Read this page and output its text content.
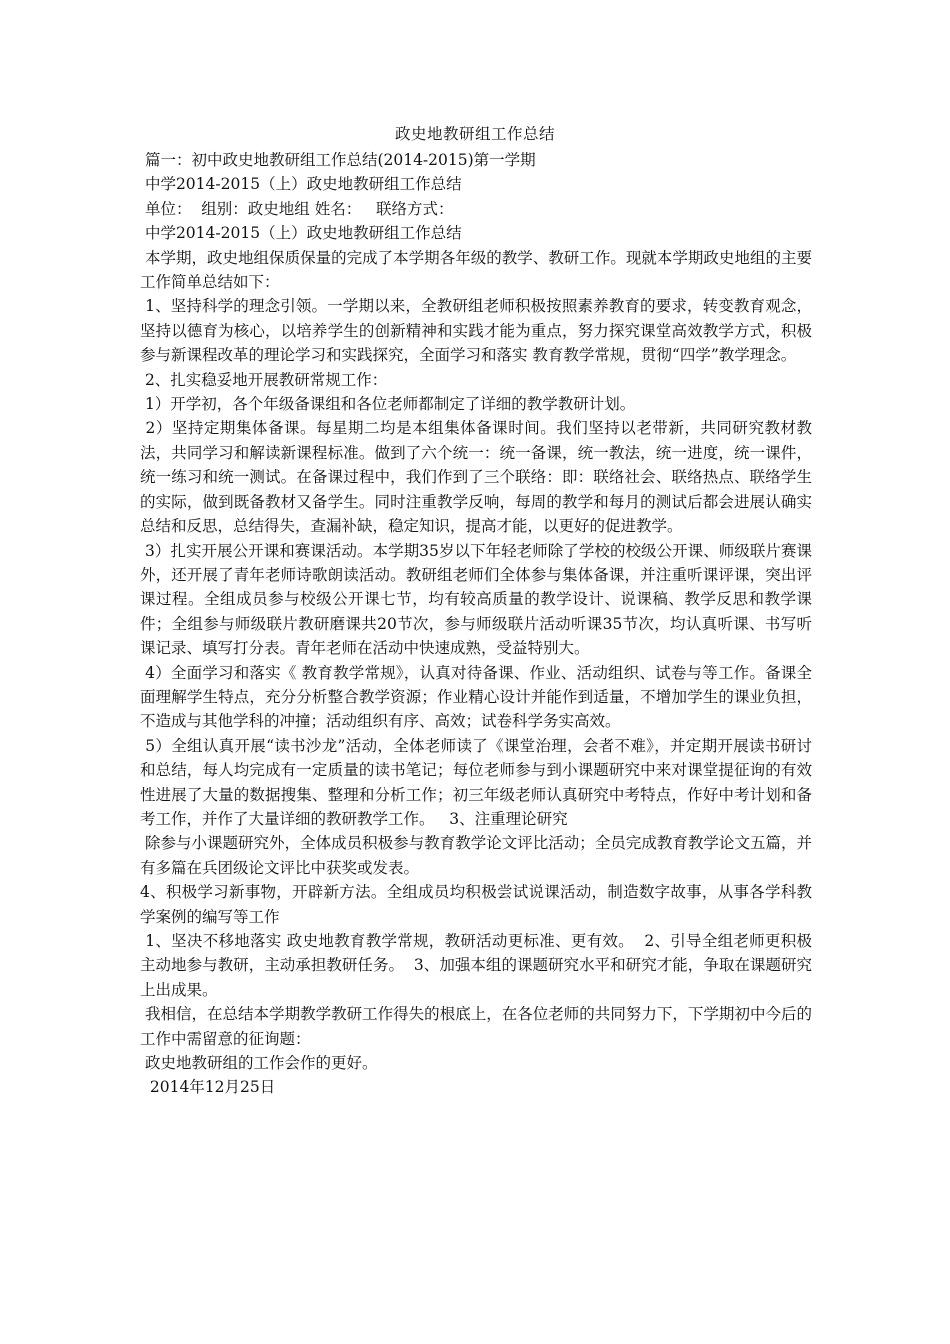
政史地教研组工作总结

篇一：初中政史地教研组工作总结(2014-2015)第一学期

中学2014-2015（上）政史地教研组工作总结

单位：  组别：政史地组 姓名：   联络方式：

中学2014-2015（上）政史地教研组工作总结

本学期，政史地组保质保量的完成了本学期各年级的教学、教研工作。现就本学期政史地组的主要工作简单总结如下：

1、坚持科学的理念引领。一学期以来，全教研组老师积极按照素养教育的要求，转变教育观念，坚持以德育为核心，以培养学生的创新精神和实践才能为重点，努力探究课堂高效教学方式，积极参与新课程改革的理论学习和实践探究，全面学习和落实 教育教学常规，贯彻“四学”教学理念。

2、扎实稳妥地开展教研常规工作：

1）开学初，各个年级备课组和各位老师都制定了详细的教学教研计划。

2）坚持定期集体备课。每星期二均是本组集体备课时间。我们坚持以老带新，共同研究教材教法，共同学习和解读新课程标准。做到了六个统一：统一备课，统一教法，统一进度，统一课件，统一练习和统一测试。在备课过程中，我们作到了三个联络：即：联络社会、联络热点、联络学生的实际，做到既备教材又备学生。同时注重教学反响，每周的教学和每月的测试后都会进展认确实总结和反思，总结得失，查漏补缺，稳定知识，提高才能，以更好的促进教学。

3）扎实开展公开课和赛课活动。本学期35岁以下年轻老师除了学校的校级公开课、师级联片赛课外，还开展了青年老师诗歌朗读活动。教研组老师们全体参与集体备课，并注重听课评课，突出评课过程。全组成员参与校级公开课七节，均有较高质量的教学设计、说课稿、教学反思和教学课件；全组参与师级联片教研磨课共20节次，参与师级联片活动听课35节次，均认真听课、书写听课记录、填写打分表。青年老师在活动中快速成熟，受益特别大。

4）全面学习和落实《 教育教学常规》，认真对待备课、作业、活动组织、试卷与等工作。备课全面理解学生特点，充分分析整合教学资源；作业精心设计并能作到适量，不增加学生的课业负担，不造成与其他学科的冲撞；活动组织有序、高效；试卷科学务实高效。

5）全组认真开展“读书沙龙”活动，全体老师读了《课堂治理，会者不难》，并定期开展读书研讨和总结，每人均完成有一定质量的读书笔记；每位老师参与到小课题研究中来对课堂提征询的有效性进展了大量的数据搜集、整理和分析工作；初三年级老师认真研究中考特点，作好中考计划和备考工作，并作了大量详细的教研教学工作。   3、注重理论研究

除参与小课题研究外，全体成员积极参与教育教学论文评比活动；全员完成教育教学论文五篇，并有多篇在兵团级论文评比中获奖或发表。

4、积极学习新事物，开辟新方法。全组成员均积极尝试说课活动，制造数字故事，从事各学科教学案例的编写等工作

1、坚决不移地落实 政史地教育教学常规，教研活动更标准、更有效。  2、引导全组老师更积极主动地参与教研，主动承担教研任务。  3、加强本组的课题研究水平和研究才能，争取在课题研究上出成果。

我相信，在总结本学期教学教研工作得失的根底上，在各位老师的共同努力下，下学期初中今后的工作中需留意的征询题：

政史地教研组的工作会作的更好。

2014年12月25日
